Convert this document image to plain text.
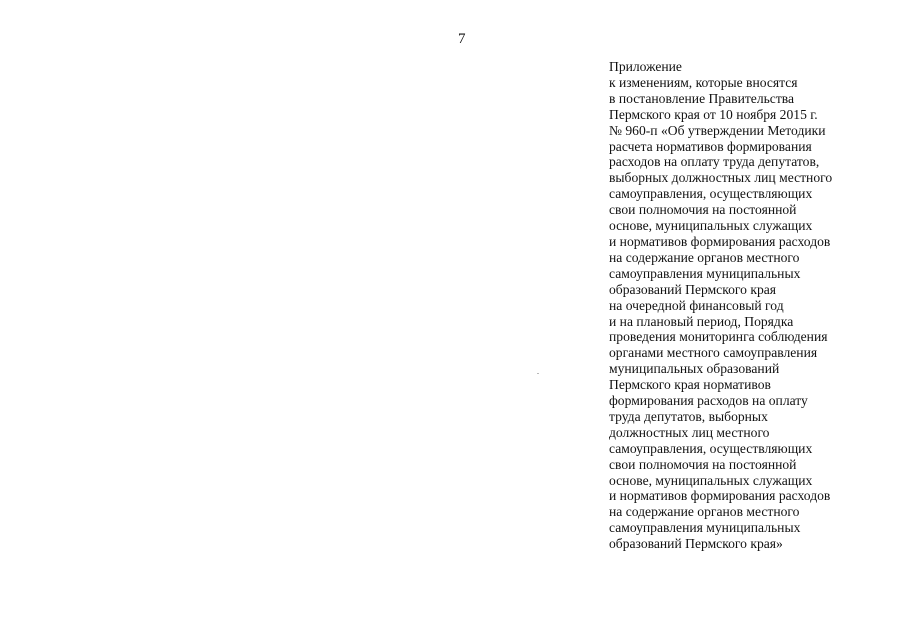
7
Приложение
к изменениям, которые вносятся
в постановление Правительства
Пермского края от 10 ноября 2015 г.
№ 960-п «Об утверждении Методики
расчета нормативов формирования
расходов на оплату труда депутатов,
выборных должностных лиц местного
самоуправления, осуществляющих
свои полномочия на постоянной
основе, муниципальных служащих
и нормативов формирования расходов
на содержание органов местного
самоуправления муниципальных
образований Пермского края
на очередной финансовый год
и на плановый период, Порядка
проведения мониторинга соблюдения
органами местного самоуправления
муниципальных образований
Пермского края нормативов
формирования расходов на оплату
труда депутатов, выборных
должностных лиц местного
самоуправления, осуществляющих
свои полномочия на постоянной
основе, муниципальных служащих
и нормативов формирования расходов
на содержание органов местного
самоуправления муниципальных
образований Пермского края»
